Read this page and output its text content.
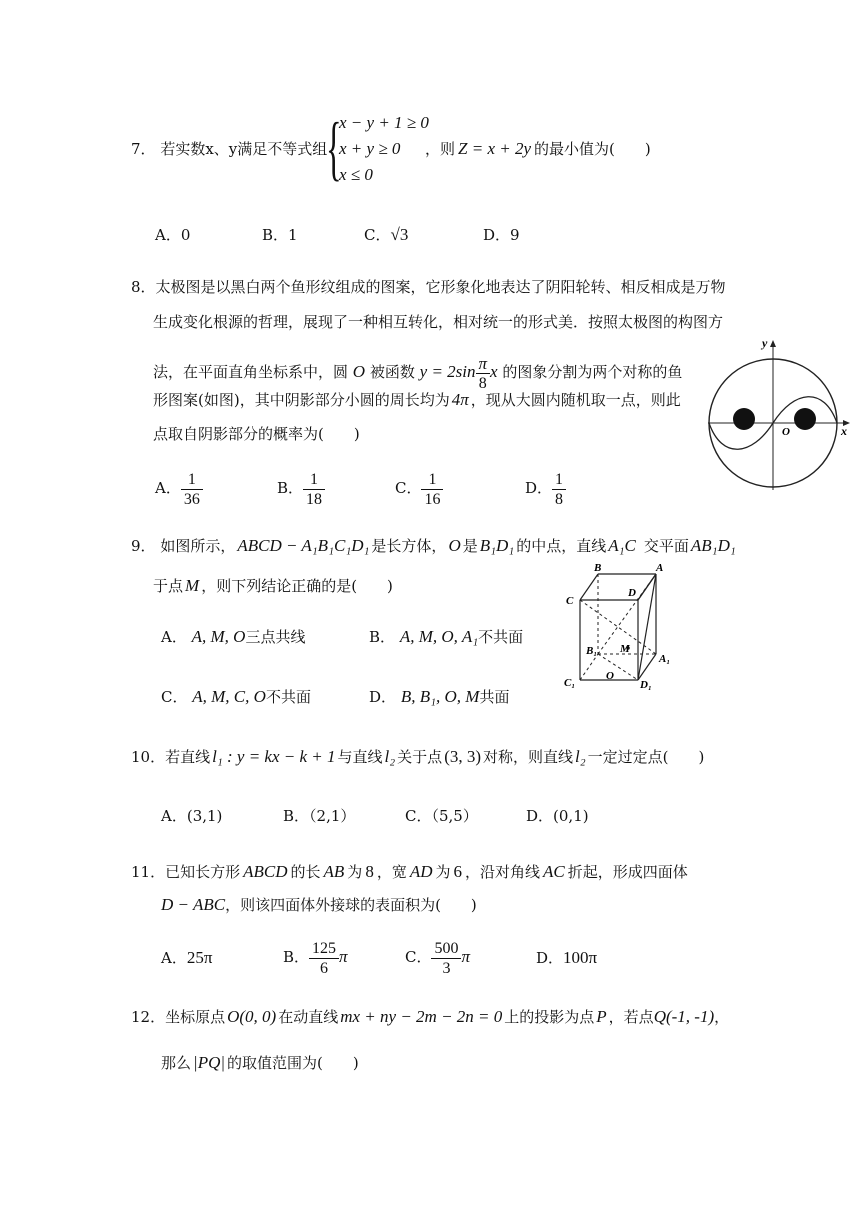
7． 若实数x、y满足不等式组
{
x − y + 1 ≥ 0
x + y ≥ 0
x ≤ 0
，则 Z = x + 2y 的最小值为(　　)
A．0	B．1	C．√3	D．9
8．太极图是以黑白两个鱼形纹组成的图案，它形象化地表达了阴阳轮转、相反相成是万物
生成变化根源的哲理，展现了一种相互转化，相对统一的形式美．按照太极图的构图方
法，在平面直角坐标系中，圆 O 被函数 $y = 2\sin \frac{\pi}{8}$ x 的图象分割为两个对称的鱼
形图案(如图)，其中阴影部分小圆的周长均为 4π ，现从大圆内随机取一点，则此
点取自阴影部分的概率为(　　)
y
x
O
A． $\frac{1}{36}$	B． $\frac{1}{18}$	C． $\frac{1}{16}$	D． $\frac{1}{8}$
9． 如图所示， ABCD − A₁B₁C₁D₁ 是长方体， O 是 B₁D₁ 的中点，直线 A₁C 交平面 AB₁D₁
于点 M ，则下列结论正确的是(　　)
A． A, M, O三点共线	B． A, M, O, A₁不共面
C． A, M, C, O不共面	D． B, B₁, O, M共面
B	A
C
D
B₁ M
A₁
C₁
O
D₁
10．若直线 l₁ : y = kx − k + 1 与直线 l₂ 关于点 (3, 3) 对称，则直线 l₂ 一定过定点(　　)
A．(3,1)	B．（2,1）	C．（5,5）	D．(0,1)
11．已知长方形 ABCD 的长 AB 为 8 ，宽 AD 为 6 ，沿对角线 AC 折起，形成四面体
D − ABC，则该四面体外接球的表面积为(　　)
A．25π	B． $\frac{125}{6}$ π	C． $\frac{500}{3}$ π	D．100π
12．坐标原点 O(0, 0) 在动直线 mx + ny − 2m − 2n = 0 上的投影为点 P ，若点Q(-1, -1)，
那么 |PQ| 的取值范围为(　　)
